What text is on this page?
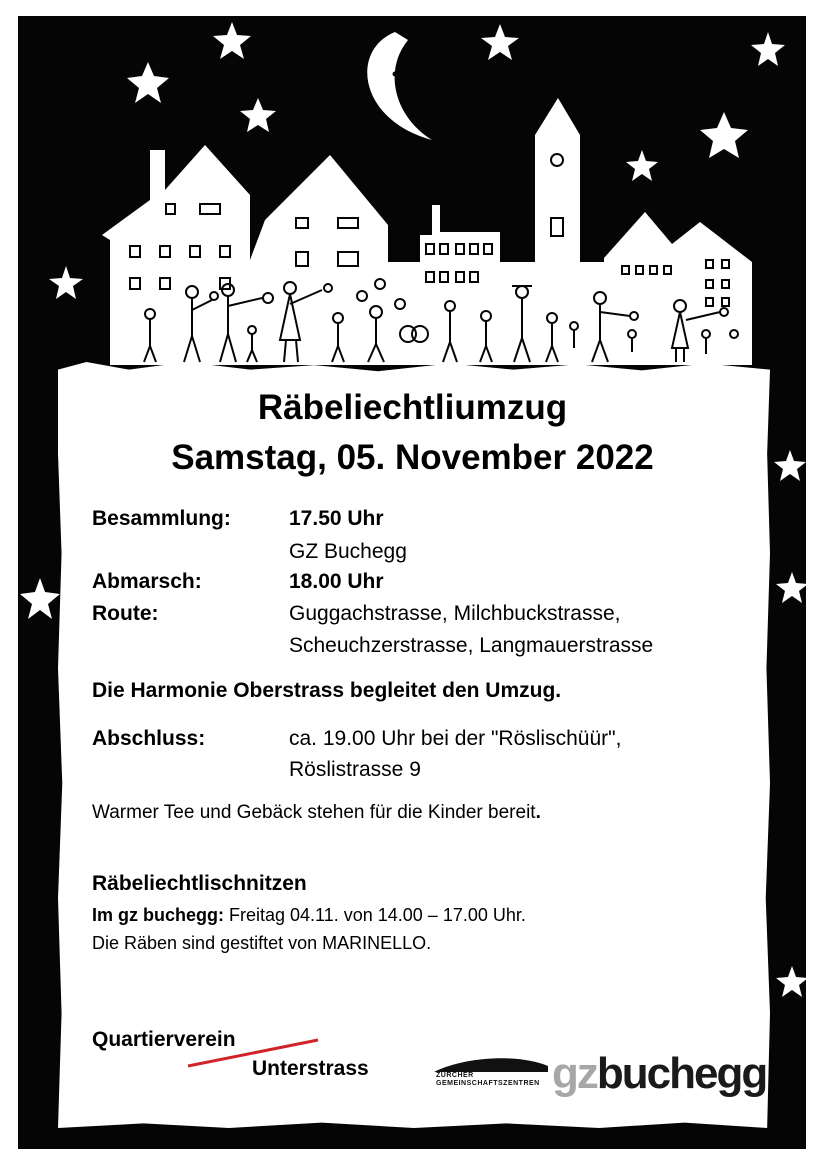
Räbeliechtliumzug
Samstag, 05. November 2022
Besammlung:	17.50 Uhr
GZ Buchegg
Abmarsch:	18.00 Uhr
Route:	Guggachstrasse, Milchbuckstrasse,
Scheuchzerstrasse, Langmauerstrasse
Die Harmonie Oberstrass begleitet den Umzug.
Abschluss:	ca. 19.00 Uhr bei der "Röslischüür",
Röslistrasse 9
Warmer Tee und Gebäck stehen für die Kinder bereit.
Räbeliechtlischnitzen
Im gz buchegg: Freitag 04.11. von 14.00 – 17.00 Uhr.
Die Räben sind gestiftet von MARINELLO.
Quartierverein
Unterstrass	ZÜRCHER
GEMEINSCHAFTSZENTREN gzbuchegg
